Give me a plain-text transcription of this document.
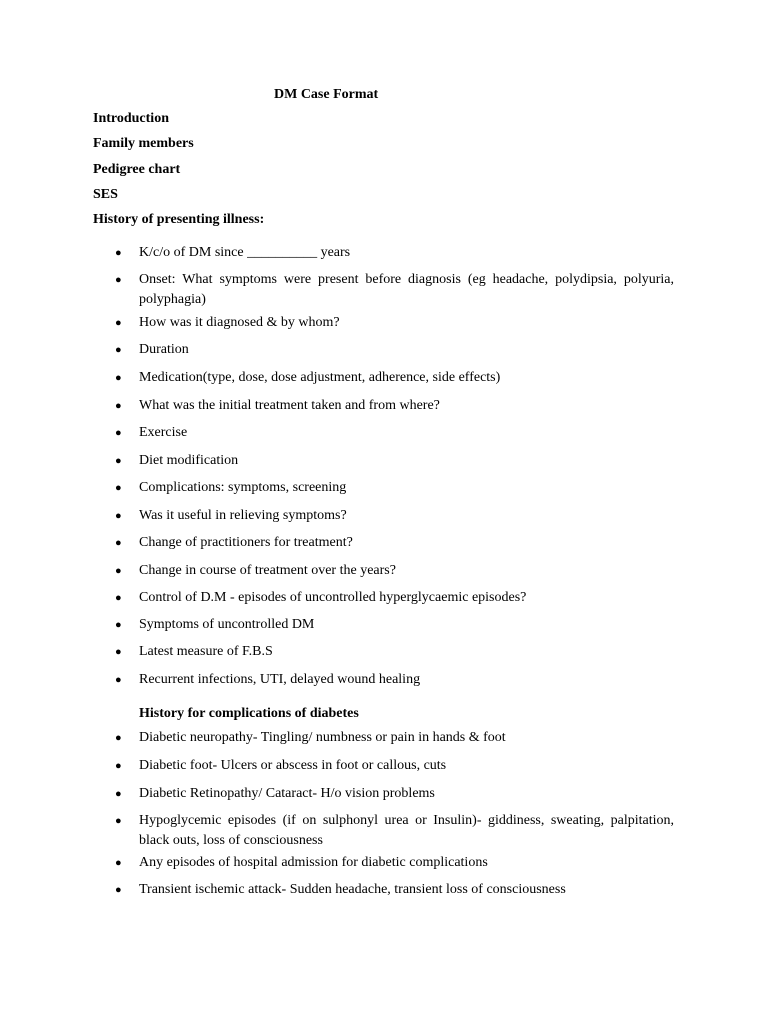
DM Case Format
Introduction
Family members
Pedigree chart
SES
History of presenting illness:
● K/c/o of DM since __________ years
● Onset: What symptoms were present before diagnosis (eg headache, polydipsia, polyuria, polyphagia)
● How was it diagnosed & by whom?
● Duration
● Medication(type, dose, dose adjustment, adherence, side effects)
● What was the initial treatment taken and from where?
● Exercise
● Diet modification
● Complications: symptoms, screening
● Was it useful in relieving symptoms?
● Change of practitioners for treatment?
● Change in course of treatment over the years?
● Control of D.M - episodes of uncontrolled hyperglycaemic episodes?
● Symptoms of uncontrolled DM
● Latest measure of F.B.S
● Recurrent infections, UTI, delayed wound healing
History for complications of diabetes
● Diabetic neuropathy- Tingling/ numbness or pain in hands & foot
● Diabetic foot- Ulcers or abscess in foot or callous, cuts
● Diabetic Retinopathy/ Cataract- H/o vision problems
● Hypoglycemic episodes (if on sulphonyl urea or Insulin)- giddiness, sweating, palpitation, black outs, loss of consciousness
● Any episodes of hospital admission for diabetic complications
● Transient ischemic attack- Sudden headache, transient loss of consciousness
